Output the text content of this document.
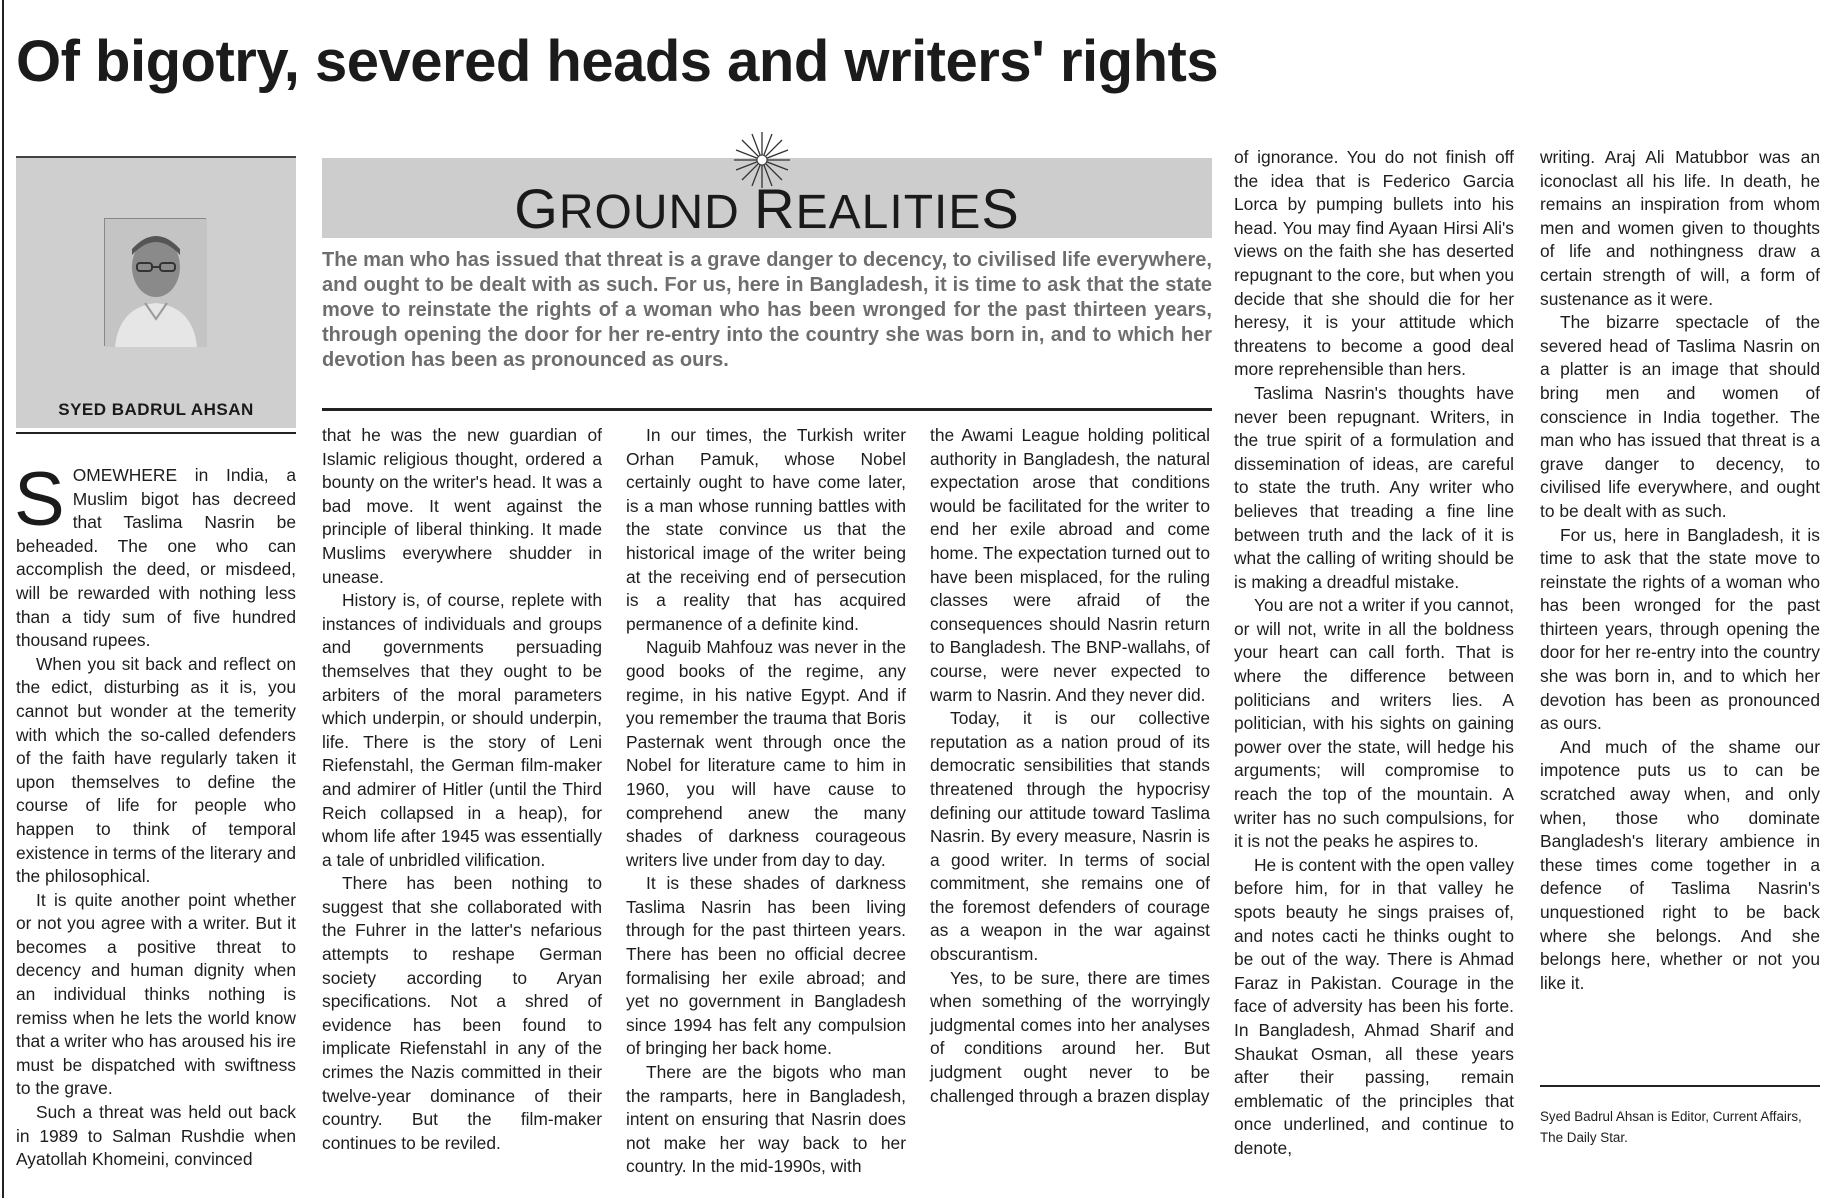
Of bigotry, severed heads and writers' rights
SYED BADRUL AHSAN
GROUND REALITIES
The man who has issued that threat is a grave danger to decency, to civilised life everywhere, and ought to be dealt with as such. For us, here in Bangladesh, it is time to ask that the state move to reinstate the rights of a woman who has been wronged for the past thirteen years, through opening the door for her re-entry into the country she was born in, and to which her devotion has been as pronounced as ours.

SOMEWHERE in India, a Muslim bigot has decreed that Taslima Nasrin be beheaded. The one who can accomplish the deed, or misdeed, will be rewarded with nothing less than a tidy sum of five hundred thousand rupees.

When you sit back and reflect on the edict, disturbing as it is, you cannot but wonder at the temerity with which the so-called defenders of the faith have regularly taken it upon themselves to define the course of life for people who happen to think of temporal existence in terms of the literary and the philosophical.

It is quite another point whether or not you agree with a writer. But it becomes a positive threat to decency and human dignity when an individual thinks nothing is remiss when he lets the world know that a writer who has aroused his ire must be dispatched with swiftness to the grave.

Such a threat was held out back in 1989 to Salman Rushdie when Ayatollah Khomeini, convinced

that he was the new guardian of Islamic religious thought, ordered a bounty on the writer's head. It was a bad move. It went against the principle of liberal thinking. It made Muslims everywhere shudder in unease.

History is, of course, replete with instances of individuals and groups and governments persuading themselves that they ought to be arbiters of the moral parameters which underpin, or should underpin, life. There is the story of Leni Riefenstahl, the German film-maker and admirer of Hitler (until the Third Reich collapsed in a heap), for whom life after 1945 was essentially a tale of unbridled vilification.

There has been nothing to suggest that she collaborated with the Fuhrer in the latter's nefarious attempts to reshape German society according to Aryan specifications. Not a shred of evidence has been found to implicate Riefenstahl in any of the crimes the Nazis committed in their twelve-year dominance of their country. But the film-maker continues to be reviled.

In our times, the Turkish writer Orhan Pamuk, whose Nobel certainly ought to have come later, is a man whose running battles with the state convince us that the historical image of the writer being at the receiving end of persecution is a reality that has acquired permanence of a definite kind.

Naguib Mahfouz was never in the good books of the regime, any regime, in his native Egypt. And if you remember the trauma that Boris Pasternak went through once the Nobel for literature came to him in 1960, you will have cause to comprehend anew the many shades of darkness courageous writers live under from day to day.

It is these shades of darkness Taslima Nasrin has been living through for the past thirteen years. There has been no official decree formalising her exile abroad; and yet no government in Bangladesh since 1994 has felt any compulsion of bringing her back home.

There are the bigots who man the ramparts, here in Bangladesh, intent on ensuring that Nasrin does not make her way back to her country. In the mid-1990s, with

the Awami League holding political authority in Bangladesh, the natural expectation arose that conditions would be facilitated for the writer to end her exile abroad and come home. The expectation turned out to have been misplaced, for the ruling classes were afraid of the consequences should Nasrin return to Bangladesh. The BNP-wallahs, of course, were never expected to warm to Nasrin. And they never did.

Today, it is our collective reputation as a nation proud of its democratic sensibilities that stands threatened through the hypocrisy defining our attitude toward Taslima Nasrin. By every measure, Nasrin is a good writer. In terms of social commitment, she remains one of the foremost defenders of courage as a weapon in the war against obscurantism.

Yes, to be sure, there are times when something of the worryingly judgmental comes into her analyses of conditions around her. But judgment ought never to be challenged through a brazen display

of ignorance. You do not finish off the idea that is Federico Garcia Lorca by pumping bullets into his head. You may find Ayaan Hirsi Ali's views on the faith she has deserted repugnant to the core, but when you decide that she should die for her heresy, it is your attitude which threatens to become a good deal more reprehensible than hers.

Taslima Nasrin's thoughts have never been repugnant. Writers, in the true spirit of a formulation and dissemination of ideas, are careful to state the truth. Any writer who believes that treading a fine line between truth and the lack of it is what the calling of writing should be is making a dreadful mistake.

You are not a writer if you cannot, or will not, write in all the boldness your heart can call forth. That is where the difference between politicians and writers lies. A politician, with his sights on gaining power over the state, will hedge his arguments; will compromise to reach the top of the mountain. A writer has no such compulsions, for it is not the peaks he aspires to.

He is content with the open valley before him, for in that valley he spots beauty he sings praises of, and notes cacti he thinks ought to be out of the way. There is Ahmad Faraz in Pakistan. Courage in the face of adversity has been his forte. In Bangladesh, Ahmad Sharif and Shaukat Osman, all these years after their passing, remain emblematic of the principles that once underlined, and continue to denote,

writing. Araj Ali Matubbor was an iconoclast all his life. In death, he remains an inspiration from whom men and women given to thoughts of life and nothingness draw a certain strength of will, a form of sustenance as it were.

The bizarre spectacle of the severed head of Taslima Nasrin on a platter is an image that should bring men and women of conscience in India together. The man who has issued that threat is a grave danger to decency, to civilised life everywhere, and ought to be dealt with as such.

For us, here in Bangladesh, it is time to ask that the state move to reinstate the rights of a woman who has been wronged for the past thirteen years, through opening the door for her re-entry into the country she was born in, and to which her devotion has been as pronounced as ours.

And much of the shame our impotence puts us to can be scratched away when, and only when, those who dominate Bangladesh's literary ambience in these times come together in a defence of Taslima Nasrin's unquestioned right to be back where she belongs. And she belongs here, whether or not you like it.

Syed Badrul Ahsan is Editor, Current Affairs, The Daily Star.
